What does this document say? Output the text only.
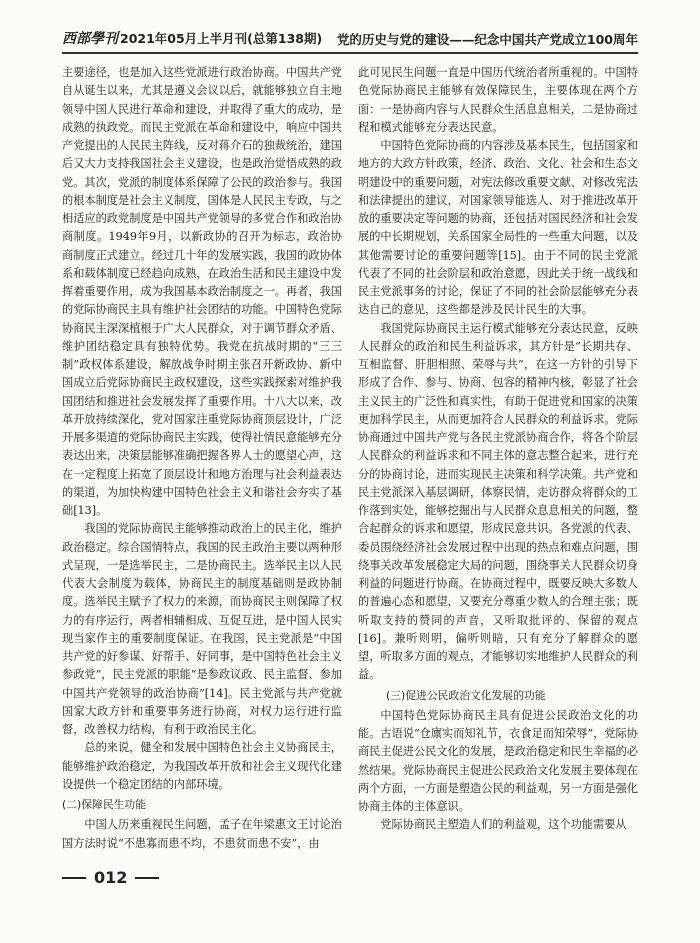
西部學刊 2021年05月上半月刊(总第138期) 党的历史与党的建设——纪念中国共产党成立100周年

主要途径，也是加入这些党派进行政治协商。中国共产党自从诞生以来，尤其是遵义会议以后，就能够独立自主地领导中国人民进行革命和建设，并取得了重大的成功，是成熟的执政党。而民主党派在革命和建设中，响应中国共产党提出的人民民主阵线，反对蒋介石的独裁统治，建国后又大力支持我国社会主义建设，也是政治觉悟成熟的政党。其次，党派的制度体系保障了公民的政治参与。我国的根本制度是社会主义制度，国体是人民民主专政，与之相适应的政党制度是中国共产党领导的多党合作和政治协商制度。1949年9月，以新政协的召开为标志，政治协商制度正式建立。经过几十年的发展实践，我国的政协体系和载体制度已经趋向成熟，在政治生活和民主建设中发挥着重要作用，成为我国基本政治制度之一。再者，我国的党际协商民主具有维护社会团结的功能。中国特色党际协商民主深深植根于广大人民群众，对于调节群众矛盾、维护团结稳定具有独特优势。我党在抗战时期的“三三制”政权体系建设，解放战争时期主张召开新政协、新中国成立后党际协商民主政权建设，这些实践探索对维护我国团结和推进社会发展发挥了重要作用。十八大以来，改革开放持续深化，党对国家注重党际协商顶层设计，广泛开展多渠道的党际协商民主实践，使得社情民意能够充分表达出来，决策层能够准确把握各界人士的愿望心声，这在一定程度上拓宽了顶层设计和地方治理与社会利益表达的渠道，为加快构建中国特色社会主义和谐社会夯实了基础[13]。

我国的党际协商民主能够推动政治上的民主化，维护政治稳定。综合国情特点，我国的民主政治主要以两种形式呈现，一是选举民主，二是协商民主。选举民主以人民代表大会制度为载体，协商民主的制度基础则是政协制度。选举民主赋予了权力的来源，而协商民主则保障了权力的有序运行，两者相辅相成、互促互进，是中国人民实现当家作主的重要制度保证。在我国，民主党派是“中国共产党的好参谋、好帮手、好同事，是中国特色社会主义参政党”，民主党派的职能“是参政议政、民主监督、参加中国共产党领导的政治协商”[14]。民主党派与共产党就国家大政方针和重要事务进行协商，对权力运行进行监督，改善权力结构，有利于政治民主化。

总的来说，健全和发展中国特色社会主义协商民主，能够维护政治稳定，为我国改革开放和社会主义现代化建设提供一个稳定团结的内部环境。

(二)保障民生功能

中国人历来重视民生问题，孟子在年梁惠文王讨论治国方法时说“不患寡而患不均，不患贫而患不安”，由

此可见民生问题一直是中国历代统治者所重视的。中国特色党际协商民主能够有效保障民生，主要体现在两个方面：一是协商内容与人民群众生活息息相关，二是协商过程和模式能够充分表达民意。

中国特色党际协商的内容涉及基本民生，包括国家和地方的大政方针政策，经济、政治、文化、社会和生态文明建设中的重要问题，对宪法修改重要文献、对修改宪法和法律提出的建议，对国家领导能选人、对于推进改革开放的重要决定等问题的协商，还包括对国民经济和社会发展的中长期规划，关系国家全局性的一些重大问题，以及其他需要讨论的重要问题等[15]。由于不同的民主党派代表了不同的社会阶层和政治意愿，因此关于统一战线和民主党派事务的讨论，保证了不同的社会阶层能够充分表达自己的意见，这些都是涉及民计民生的大事。

我国党际协商民主运行模式能够充分表达民意，反映人民群众的政治和民生利益诉求，其方针是“长期共存、互相监督、肝胆相照、荣辱与共”，在这一方针的引导下形成了合作、参与、协商、包容的精神内核，彰显了社会主义民主的广泛性和真实性，有助于促进党和国家的决策更加科学民主，从而更加符合人民群众的利益诉求。党际协商通过中国共产党与各民主党派协商合作，将各个阶层人民群众的利益诉求和不同主体的意志整合起来，进行充分的协商讨论，进而实现民主决策和科学决策。共产党和民主党派深入基层调研，体察民情，走访群众将群众的工作落到实处，能够挖掘出与人民群众息息相关的问题，整合起群众的诉求和愿望，形成民意共识。各党派的代表、委员围绕经济社会发展过程中出现的热点和难点问题，围绕事关改革发展稳定大局的问题，围绕事关人民群众切身利益的问题进行协商。在协商过程中，既要反映大多数人的普遍心态和愿望，又要充分尊重少数人的合理主张；既听取支持的赞同的声音，又听取批评的、保留的观点[16]。兼听则明，偏听则暗，只有充分了解群众的愿望，听取多方面的观点，才能够切实地维护人民群众的利益。

(三)促进公民政治文化发展的功能

中国特色党际协商民主具有促进公民政治文化的功能。古语说“仓廪实而知礼节，衣食足而知荣辱”，党际协商民主促进公民文化的发展，是政治稳定和民生幸福的必然结果。党际协商民主促进公民政治文化发展主要体现在两个方面，一方面是塑造公民的利益观，另一方面是强化协商主体的主体意识。

党际协商民主塑造人们的利益观，这个功能需要从

012
